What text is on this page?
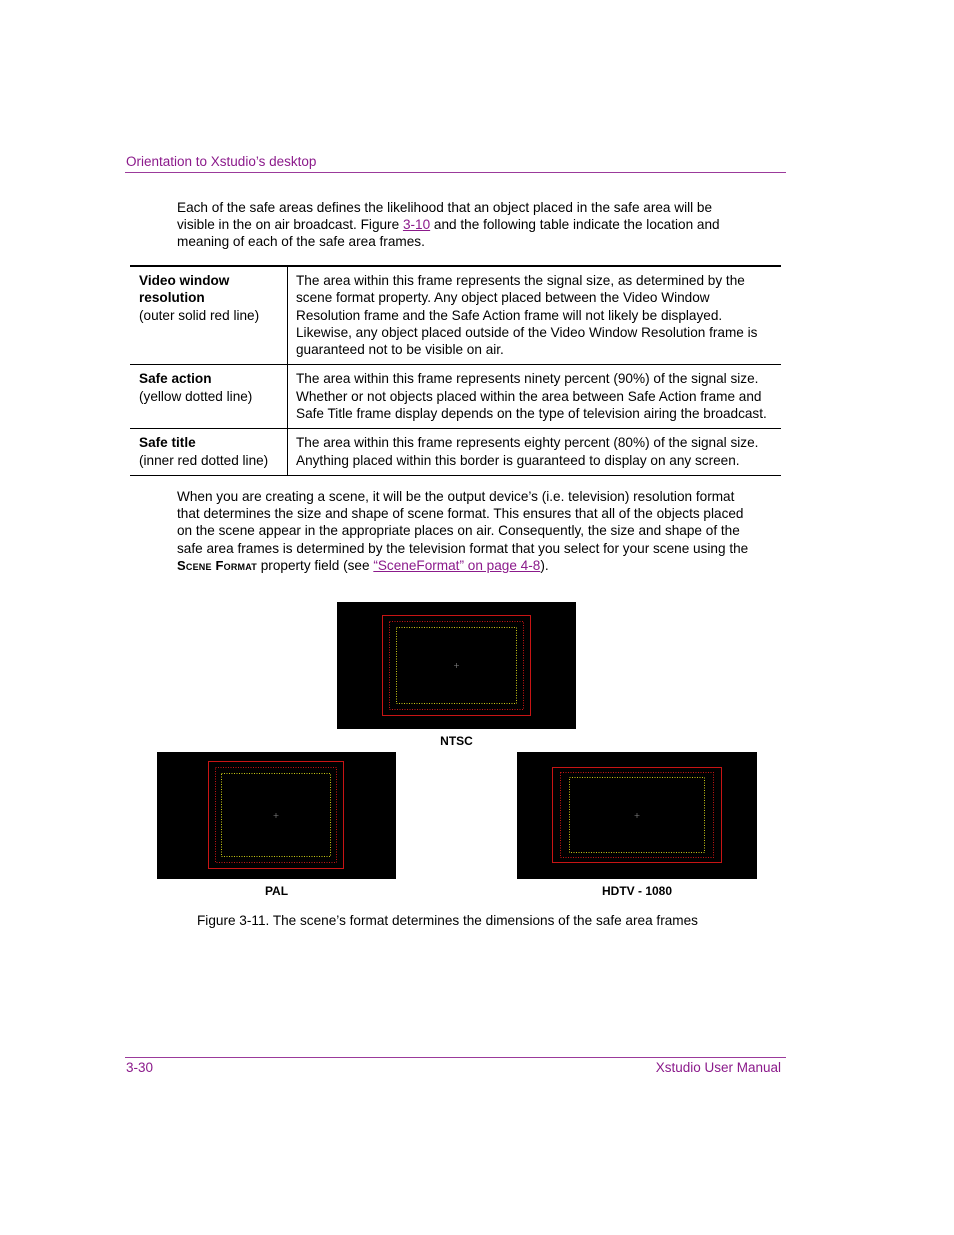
Orientation to Xstudio’s desktop

Each of the safe areas defines the likelihood that an object placed in the safe area will be visible in the on air broadcast. Figure 3-10 and the following table indicate the location and meaning of each of the safe area frames.

Video window resolution
(outer solid red line)	The area within this frame represents the signal size, as determined by the scene format property. Any object placed between the Video Window Resolution frame and the Safe Action frame will not likely be displayed. Likewise, any object placed outside of the Video Window Resolution frame is guaranteed not to be visible on air.

Safe action
(yellow dotted line)	The area within this frame represents ninety percent (90%) of the signal size. Whether or not objects placed within the area between Safe Action frame and Safe Title frame display depends on the type of television airing the broadcast.

Safe title
(inner red dotted line)	The area within this frame represents eighty percent (80%) of the signal size. Anything placed within this border is guaranteed to display on any screen.

When you are creating a scene, it will be the output device’s (i.e. television) resolution format that determines the size and shape of scene format. This ensures that all of the objects placed on the scene appear in the appropriate places on air. Consequently, the size and shape of the safe area frames is determined by the television format that you select for your scene using the Scene Format property field (see “SceneFormat” on page 4-8).

NTSC
PAL	HDTV - 1080
Figure 3-11. The scene’s format determines the dimensions of the safe area frames
3-30	Xstudio User Manual
